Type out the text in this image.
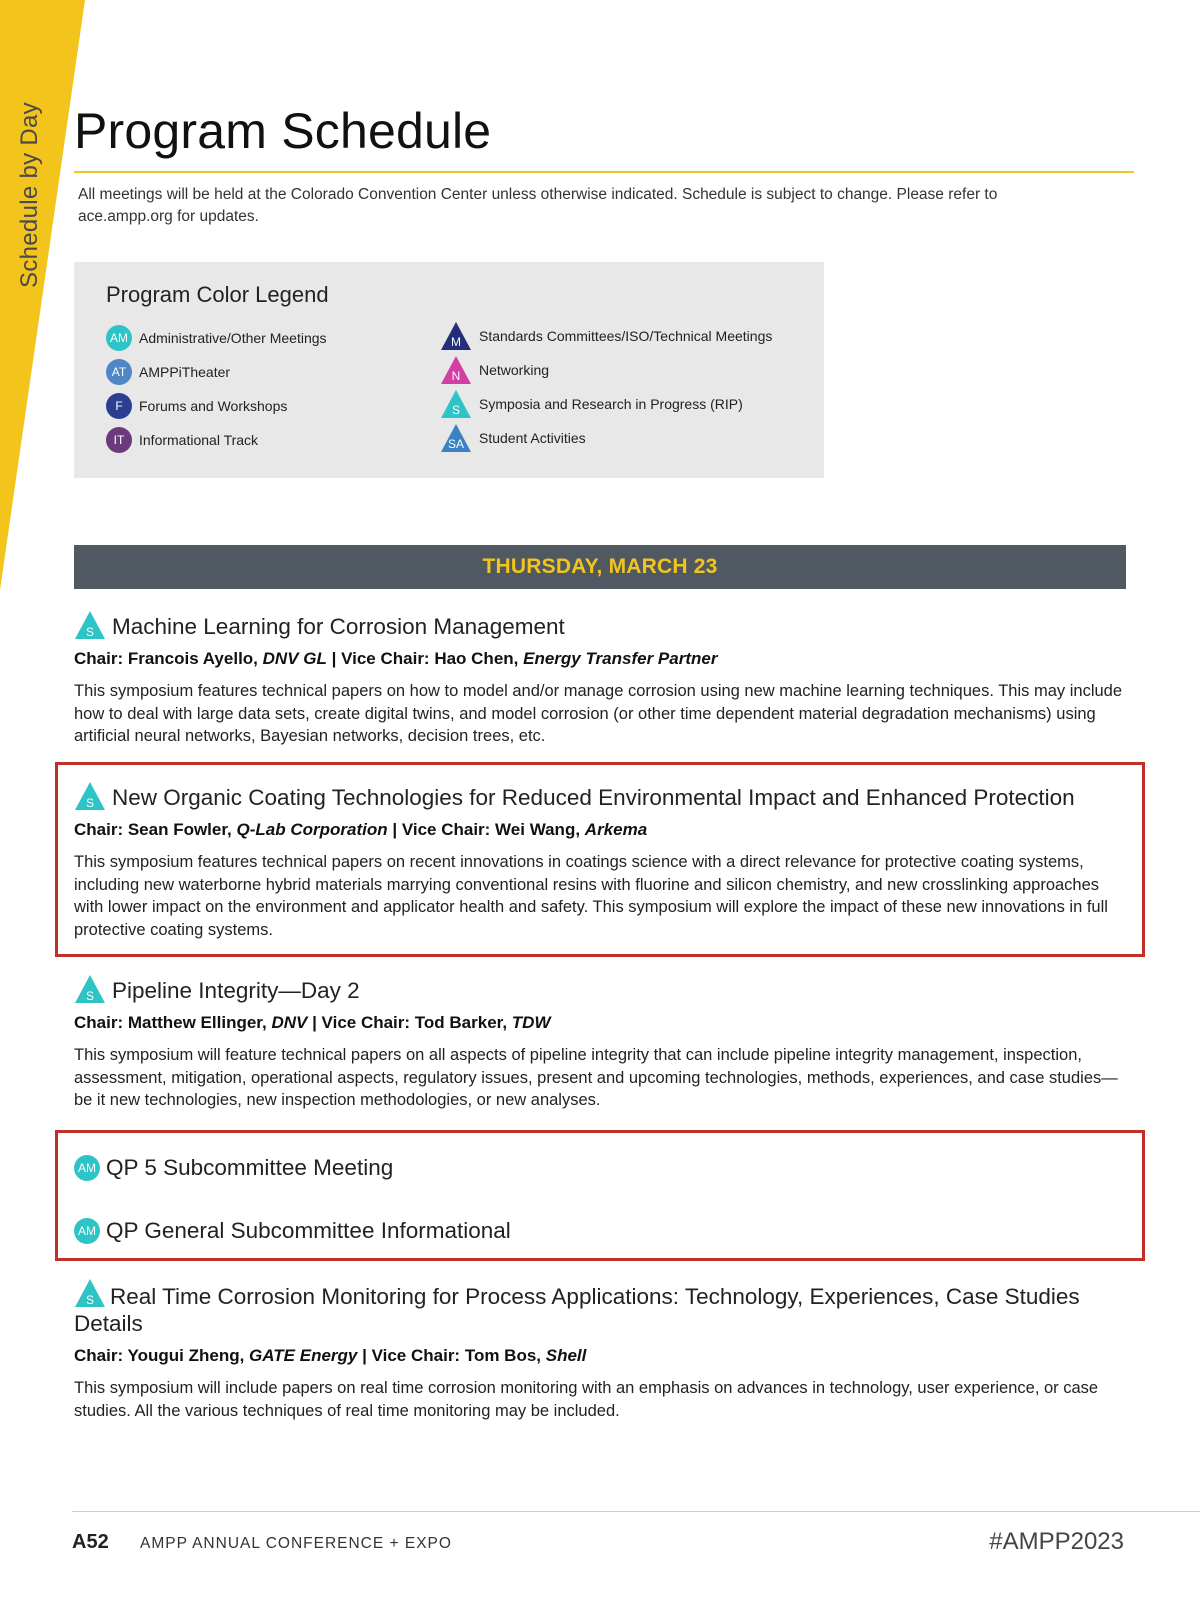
Schedule by Day Program Schedule
All meetings will be held at the Colorado Convention Center unless otherwise indicated. Schedule is subject to change. Please refer to ace.ampp.org for updates.
Program Color Legend
AM Administrative/Other Meetings
AT AMPPiTheater
F	Forums and Workshops
IT	Informational Track
M Standards Committees/ISO/Technical Meetings
N Networking
S Symposia and Research in Progress (RIP)
SA Student Activities
THURSDAY, MARCH 23
S Machine Learning for Corrosion Management
Chair: Francois Ayello, DNV GL | Vice Chair: Hao Chen, Energy Transfer Partner
This symposium features technical papers on how to model and/or manage corrosion using new machine learning techniques. This may include how to deal with large data sets, create digital twins, and model corrosion (or other time dependent material degradation mechanisms) using artificial neural networks, Bayesian networks, decision trees, etc.
S New Organic Coating Technologies for Reduced Environmental Impact and Enhanced Protection
Chair: Sean Fowler, Q-Lab Corporation | Vice Chair: Wei Wang, Arkema
This symposium features technical papers on recent innovations in coatings science with a direct relevance for protective coating systems, including new waterborne hybrid materials marrying conventional resins with fluorine and silicon chemistry, and new crosslinking approaches with lower impact on the environment and applicator health and safety. This symposium will explore the impact of these new innovations in full protective coating systems.
S Pipeline Integrity—Day 2
Chair: Matthew Ellinger, DNV | Vice Chair: Tod Barker, TDW
This symposium will feature technical papers on all aspects of pipeline integrity that can include pipeline integrity management, inspection, assessment, mitigation, operational aspects, regulatory issues, present and upcoming technologies, methods, experiences, and case studies—be it new technologies, new inspection methodologies, or new analyses.
AM QP 5 Subcommittee Meeting
AM QP General Subcommittee Informational
S Real Time Corrosion Monitoring for Process Applications: Technology, Experiences, Case Studies Details
Chair: Yougui Zheng, GATE Energy | Vice Chair: Tom Bos, Shell
This symposium will include papers on real time corrosion monitoring with an emphasis on advances in technology, user experience, or case studies. All the various techniques of real time monitoring may be included.
A52 AMPP ANNUAL CONFERENCE + EXPO	#AMPP2023
